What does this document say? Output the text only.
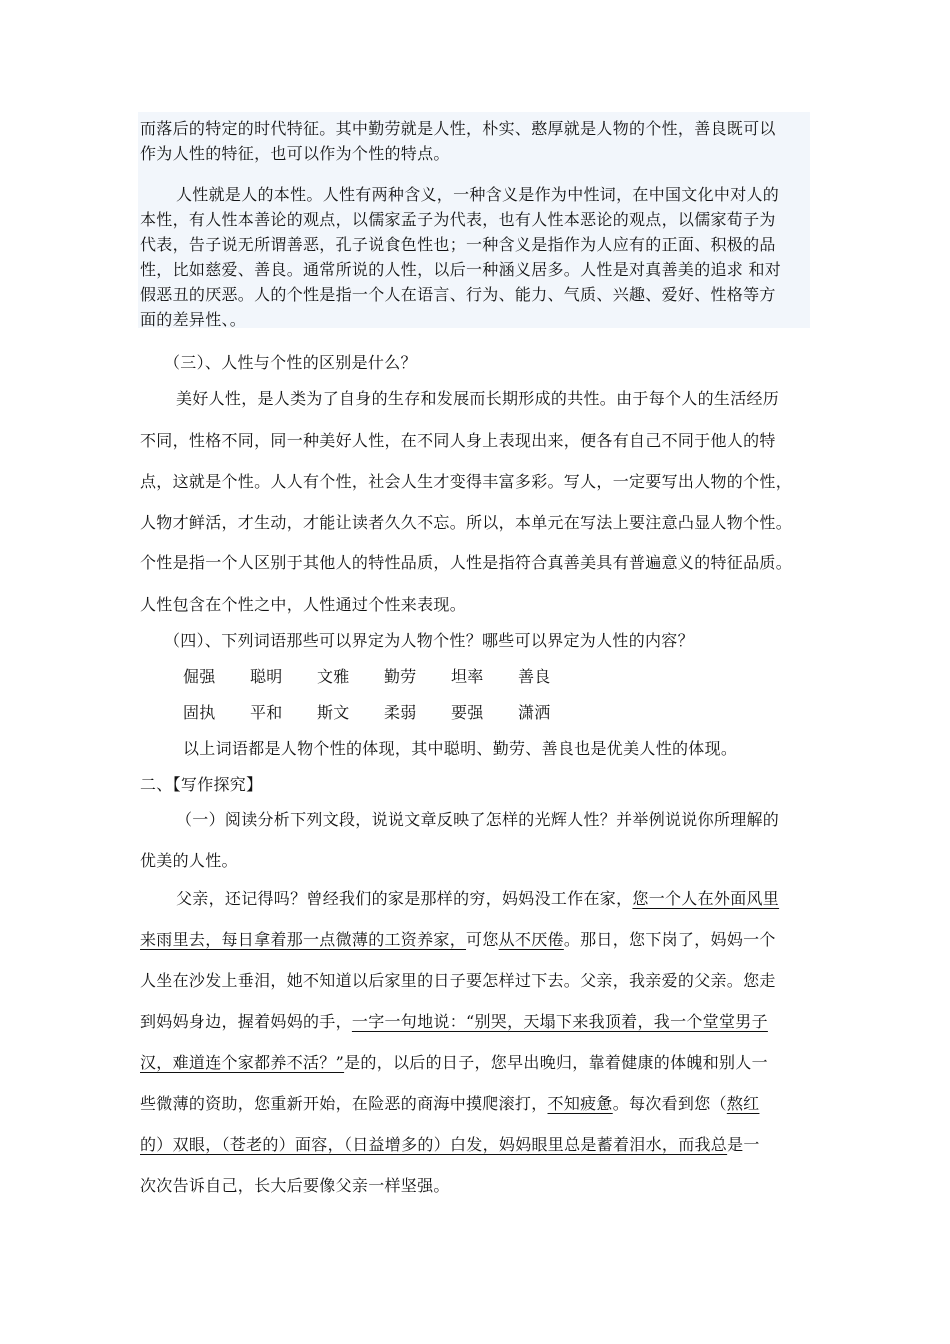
而落后的特定的时代特征。其中勤劳就是人性，朴实、憨厚就是人物的个性，善良既可以
作为人性的特征，也可以作为个性的特点。
人性就是人的本性。人性有两种含义，一种含义是作为中性词，在中国文化中对人的
本性，有人性本善论的观点，以儒家孟子为代表，也有人性本恶论的观点，以儒家荀子为
代表，告子说无所谓善恶，孔子说食色性也；一种含义是指作为人应有的正面、积极的品
性，比如慈爱、善良。通常所说的人性，以后一种涵义居多。人性是对真善美的追求 和对
假恶丑的厌恶。人的个性是指一个人在语言、行为、能力、气质、兴趣、爱好、性格等方
面的差异性、。
（三）、人性与个性的区别是什么？
美好人性，是人类为了自身的生存和发展而长期形成的共性。由于每个人的生活经历
不同，性格不同，同一种美好人性，在不同人身上表现出来，便各有自己不同于他人的特
点，这就是个性。人人有个性，社会人生才变得丰富多彩。写人，一定要写出人物的个性，
人物才鲜活，才生动，才能让读者久久不忘。所以，本单元在写法上要注意凸显人物个性。
个性是指一个人区别于其他人的特性品质，人性是指符合真善美具有普遍意义的特征品质。
人性包含在个性之中，人性通过个性来表现。
（四）、下列词语那些可以界定为人物个性？哪些可以界定为人性的内容？
倔强 聪明 文雅 勤劳 坦率 善良
固执 平和 斯文 柔弱 要强 潇洒
以上词语都是人物个性的体现，其中聪明、勤劳、善良也是优美人性的体现。
二、【写作探究】
（一）阅读分析下列文段，说说文章反映了怎样的光辉人性？并举例说说你所理解的
优美的人性。
父亲，还记得吗？曾经我们的家是那样的穷，妈妈没工作在家，您一个人在外面风里
来雨里去，每日拿着那一点微薄的工资养家，可您从不厌倦。那日，您下岗了，妈妈一个
人坐在沙发上垂泪，她不知道以后家里的日子要怎样过下去。父亲，我亲爱的父亲。您走
到妈妈身边，握着妈妈的手，一字一句地说：“别哭，天塌下来我顶着，我一个堂堂男子
汉，难道连个家都养不活？”是的，以后的日子，您早出晚归，靠着健康的体魄和别人一
些微薄的资助，您重新开始，在险恶的商海中摸爬滚打，不知疲惫。每次看到您（熬红
的）双眼，（苍老的）面容，（日益增多的）白发，妈妈眼里总是蓄着泪水，而我总是一
次次告诉自己，长大后要像父亲一样坚强。
